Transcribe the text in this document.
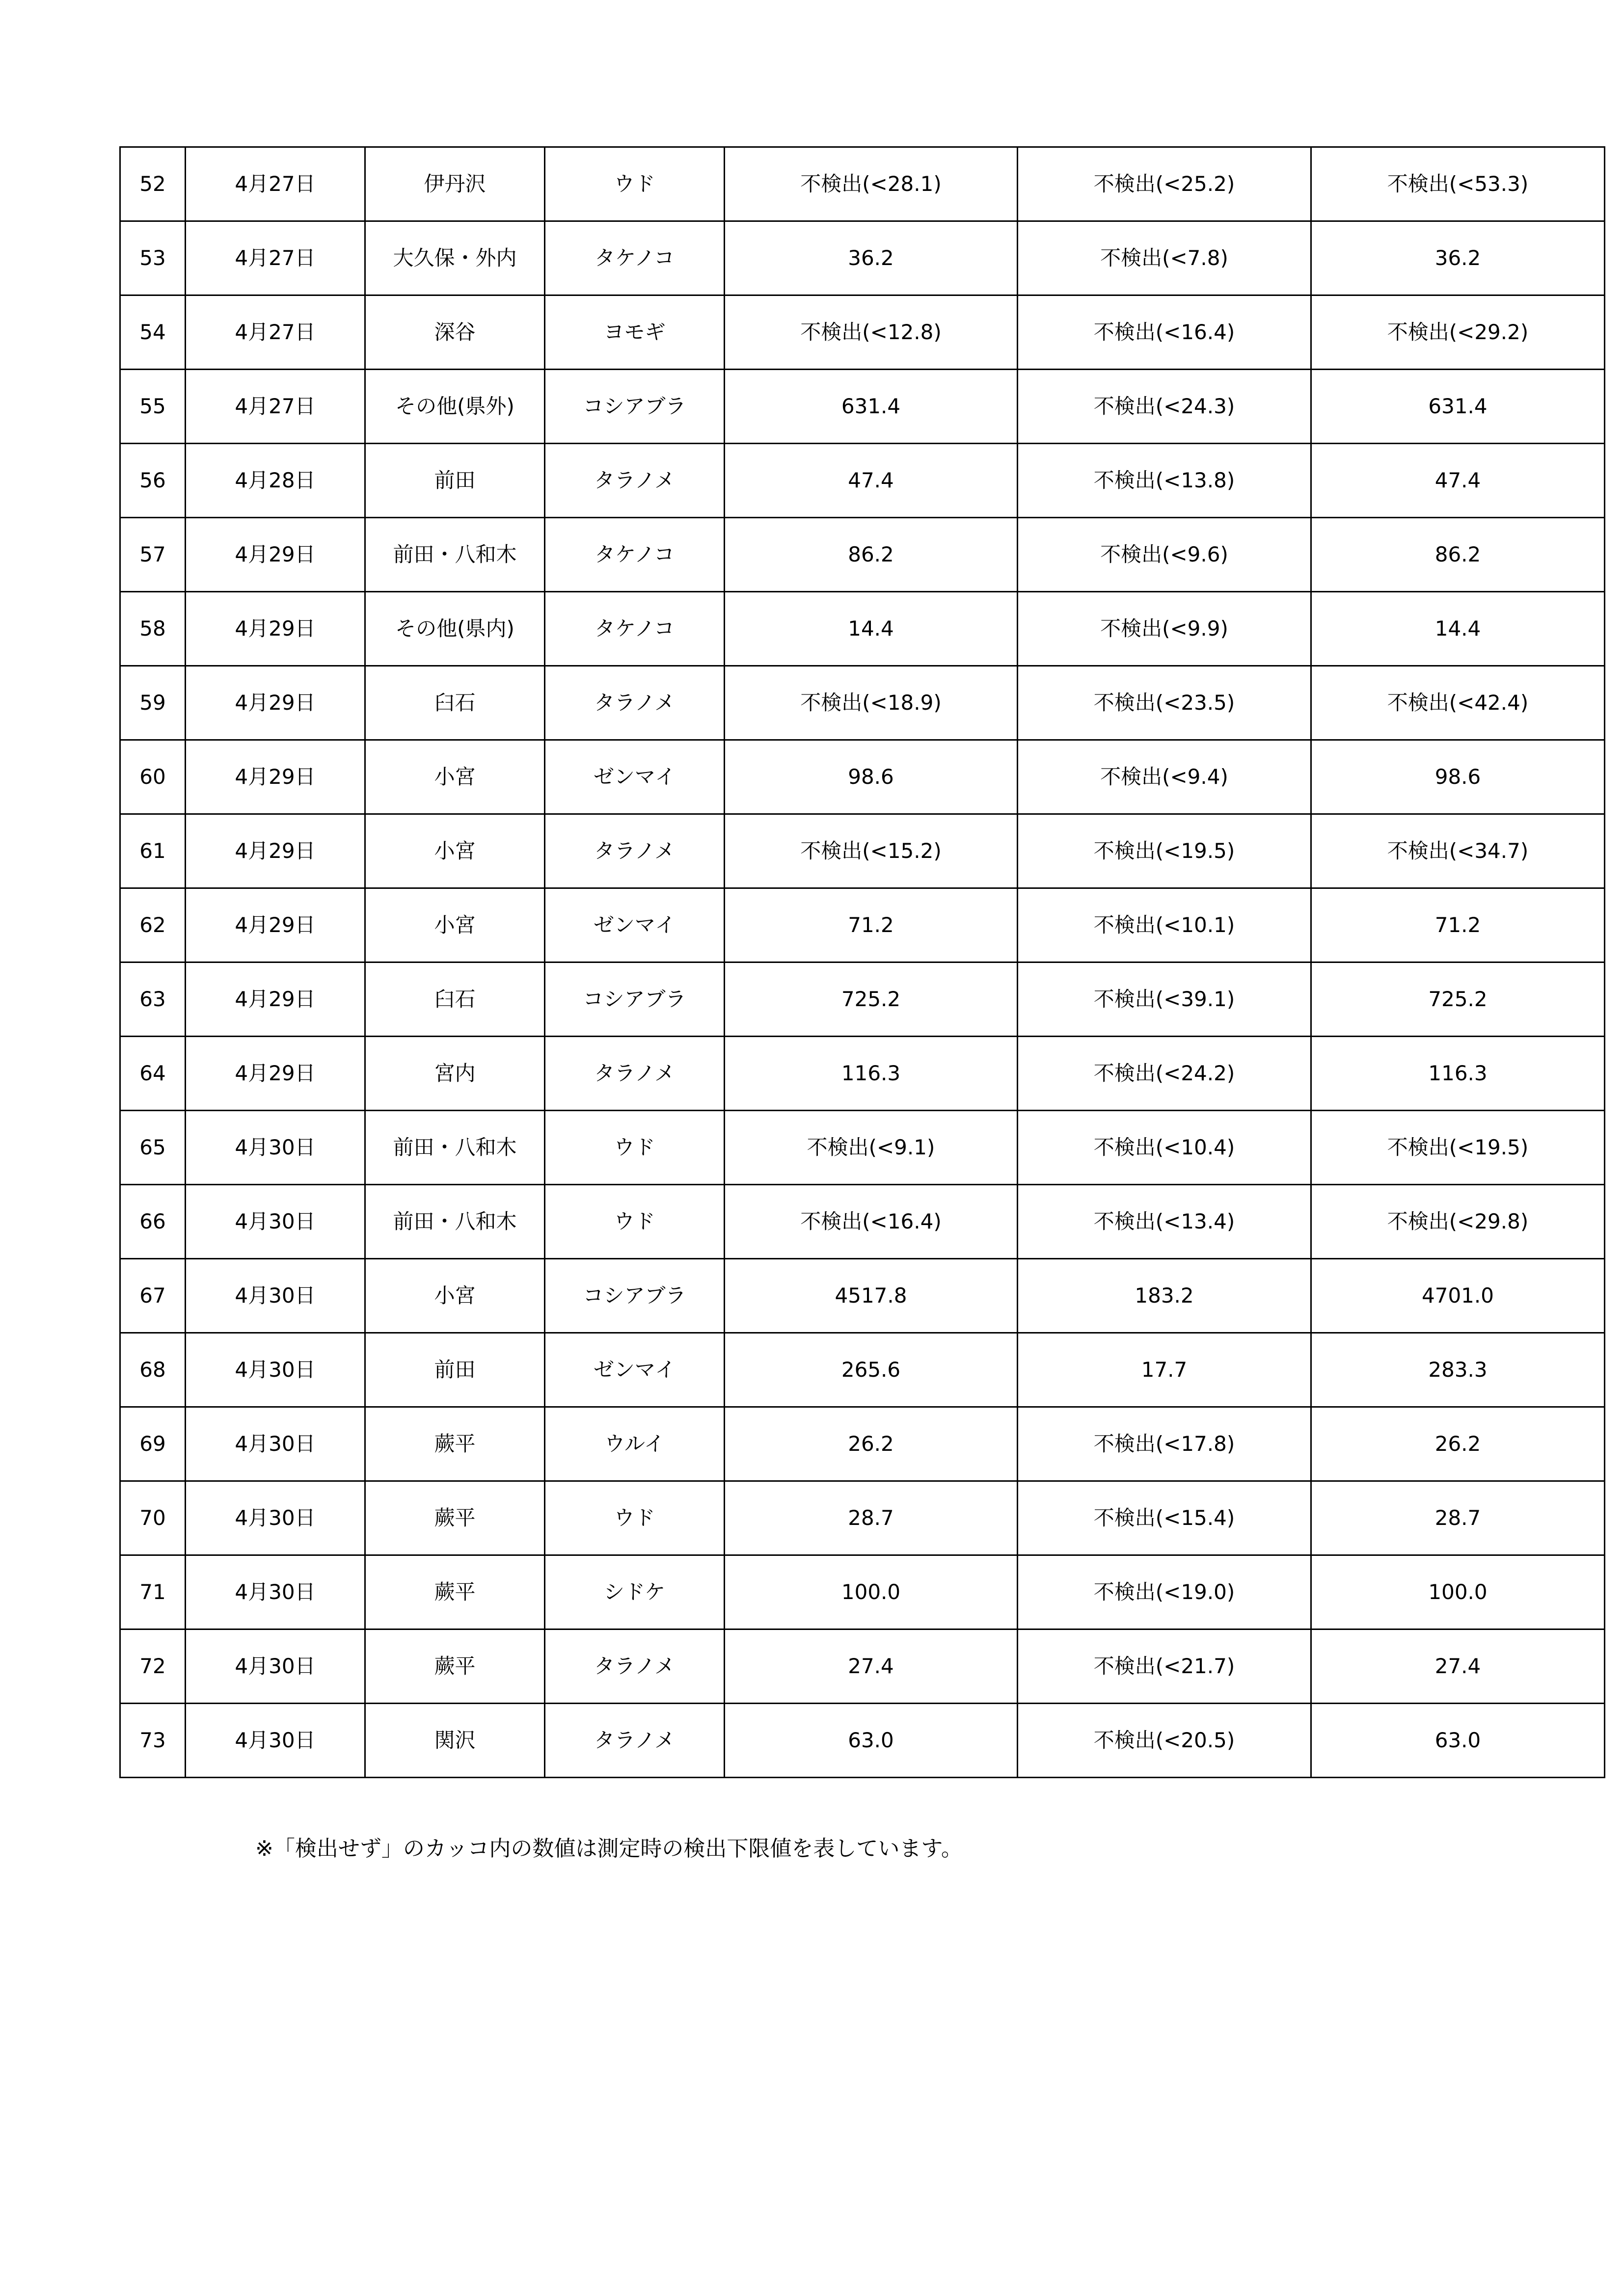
52	4月27日	伊丹沢	ウド	不検出(<28.1)	不検出(<25.2)	不検出(<53.3)
53	4月27日	大久保・外内	タケノコ	36.2	不検出(<7.8)	36.2
54	4月27日	深谷	ヨモギ	不検出(<12.8)	不検出(<16.4)	不検出(<29.2)
55	4月27日	その他(県外)	コシアブラ	631.4	不検出(<24.3)	631.4
56	4月28日	前田	タラノメ	47.4	不検出(<13.8)	47.4
57	4月29日	前田・八和木	タケノコ	86.2	不検出(<9.6)	86.2
58	4月29日	その他(県内)	タケノコ	14.4	不検出(<9.9)	14.4
59	4月29日	臼石	タラノメ	不検出(<18.9)	不検出(<23.5)	不検出(<42.4)
60	4月29日	小宮	ゼンマイ	98.6	不検出(<9.4)	98.6
61	4月29日	小宮	タラノメ	不検出(<15.2)	不検出(<19.5)	不検出(<34.7)
62	4月29日	小宮	ゼンマイ	71.2	不検出(<10.1)	71.2
63	4月29日	臼石	コシアブラ	725.2	不検出(<39.1)	725.2
64	4月29日	宮内	タラノメ	116.3	不検出(<24.2)	116.3
65	4月30日	前田・八和木	ウド	不検出(<9.1)	不検出(<10.4)	不検出(<19.5)
66	4月30日	前田・八和木	ウド	不検出(<16.4)	不検出(<13.4)	不検出(<29.8)
67	4月30日	小宮	コシアブラ	4517.8	183.2	4701.0
68	4月30日	前田	ゼンマイ	265.6	17.7	283.3
69	4月30日	蕨平	ウルイ	26.2	不検出(<17.8)	26.2
70	4月30日	蕨平	ウド	28.7	不検出(<15.4)	28.7
71	4月30日	蕨平	シドケ	100.0	不検出(<19.0)	100.0
72	4月30日	蕨平	タラノメ	27.4	不検出(<21.7)	27.4
73	4月30日	関沢	タラノメ	63.0	不検出(<20.5)	63.0
※「検出せず」のカッコ内の数値は測定時の検出下限値を表しています。
